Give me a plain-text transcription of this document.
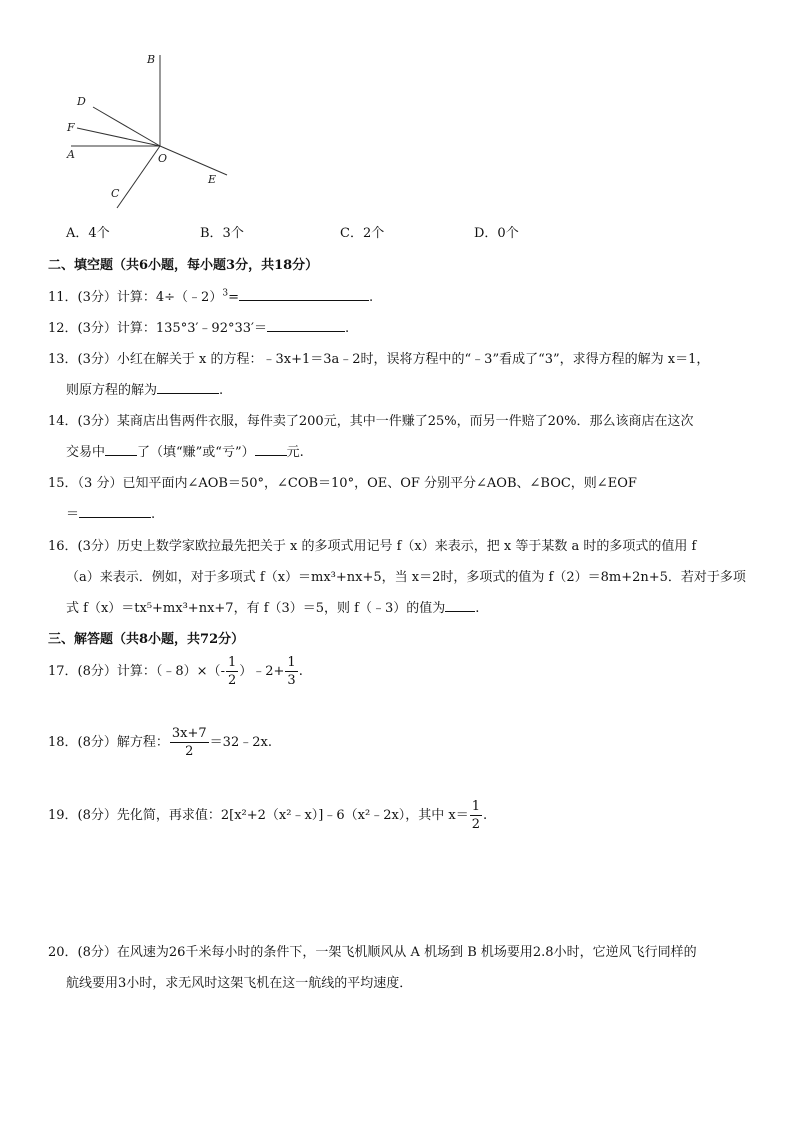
B
D
F
A	O
C
E
A．4个	B．3个	C．2个	D．0个
二、填空题（共6小题，每小题3分，共18分）
11．(3分）计算：4÷（﹣2）$^3$=	.
12．(3分）计算：135°3′﹣92°33′＝	.
13．(3分）小红在解关于 x 的方程：﹣3x+1＝3a﹣2时，误将方程中的“﹣3”看成了“3”，求得方程的解为 x＝1，
则原方程的解为	.
14．(3分）某商店出售两件衣服，每件卖了200元，其中一件赚了25%，而另一件赔了20%．那么该商店在这次
交易中 了（填“赚”或“亏”） 元.
15．（3 分）已知平面内∠AOB＝50°，∠COB＝10°，OE、OF 分别平分∠AOB、∠BOC，则∠EOF
＝	.
16．(3分）历史上数学家欧拉最先把关于 x 的多项式用记号 f（x）来表示，把 x 等于某数 a 时的多项式的值用 f
（a）来表示．例如，对于多项式 f（x）＝mx³+nx+5，当 x＝2时，多项式的值为 f（2）＝8m+2n+5．若对于多项
式 f（x）＝tx⁵+mx³+nx+7，有 f（3）＝5，则 f（﹣3）的值为 .
三、解答题（共8小题，共72分）
17．(8分）计算：（﹣8）×（- $\frac{1}{2}$ ）﹣2+ $\frac{1}{3}$ .
18．(8分）解方程： $\frac{3x+7}{2}$ ＝32﹣2x.
19．(8分）先化简，再求值：2[x²+2（x²﹣x）]﹣6（x²﹣2x），其中 $x= \frac{1}{2}$ .
20．(8分）在风速为26千米每小时的条件下，一架飞机顺风从 A 机场到 B 机场要用2.8小时，它逆风飞行同样的
航线要用3小时，求无风时这架飞机在这一航线的平均速度．
